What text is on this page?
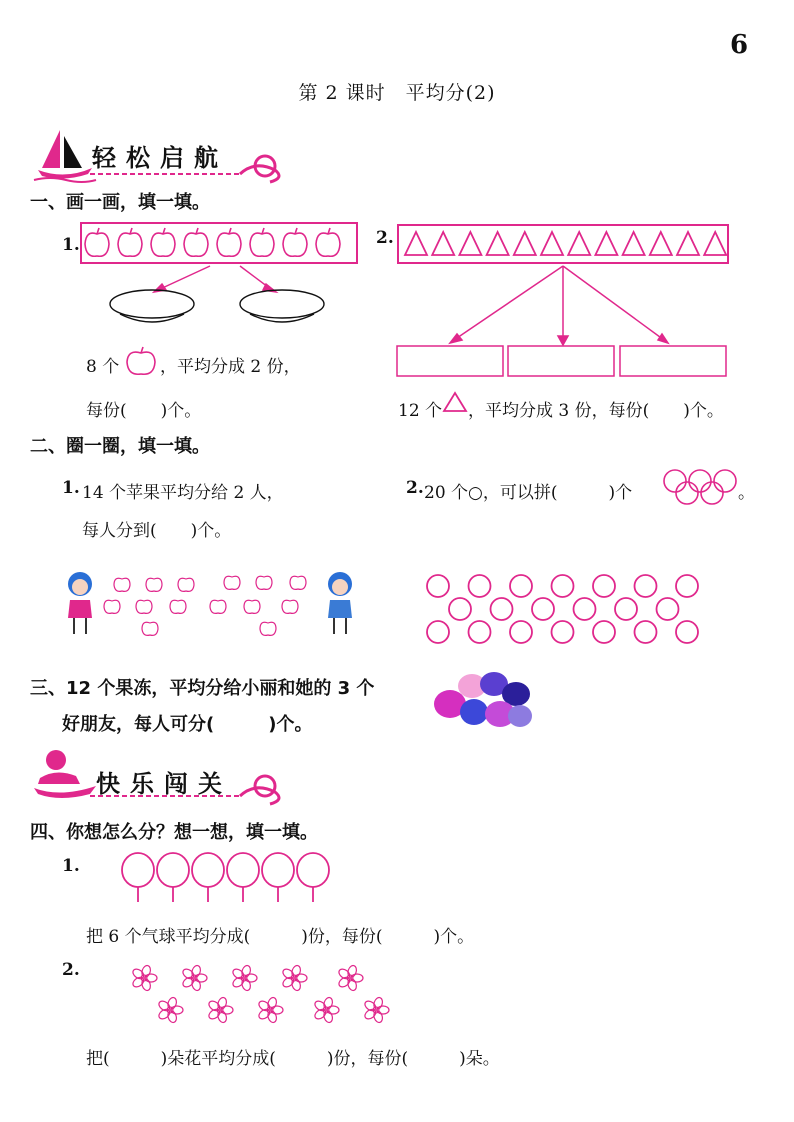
6
第 2 课时　平均分(2)
轻松启航
一、画一画，填一填。
1.
8 个 ，平均分成 2 份，
每份(　　)个。
2.
12 个 ，平均分成 3 份，每份(　　)个。
二、圈一圈，填一填。
1. 14 个苹果平均分给 2 人，
每人分到(　　)个。
2. 20 个○，可以拼(　　　)个	。
三、12 个果冻，平均分给小丽和她的 3 个
好朋友，每人可分(　　　)个。
快乐闯关
四、你想怎么分？想一想，填一填。
1.
把 6 个气球平均分成(　　　)份，每份(　　　)个。
2.
把(　　　)朵花平均分成(　　　)份，每份(　　　)朵。
